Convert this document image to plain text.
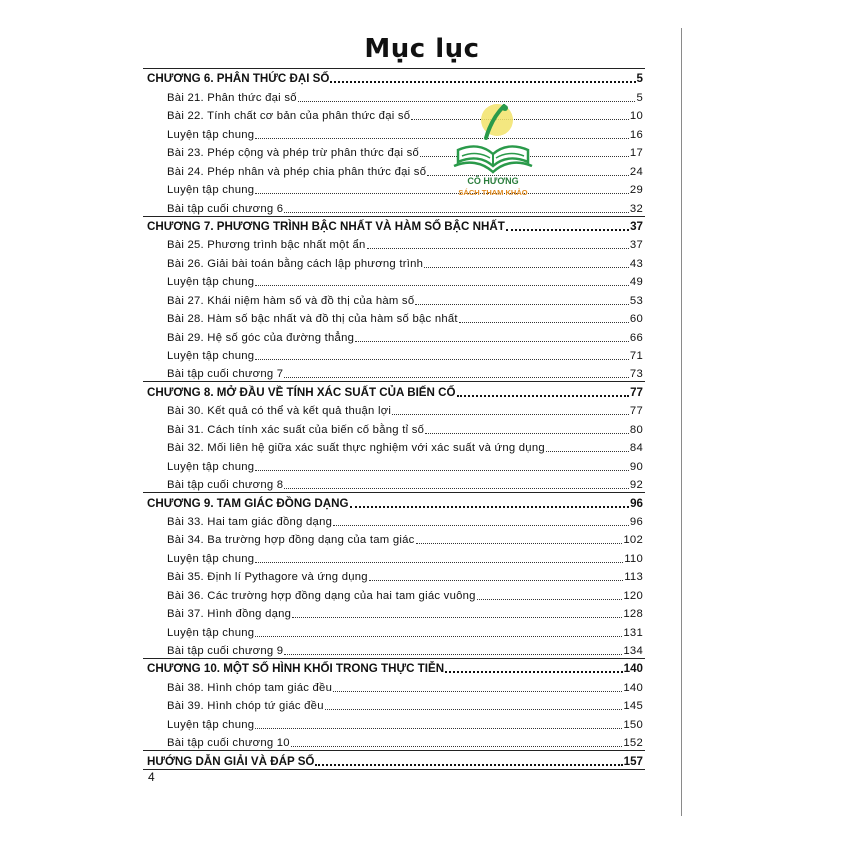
Mục lục
CHƯƠNG 6. PHÂN THỨC ĐẠI SỐ	5
Bài 21. Phân thức đại số	5
Bài 22. Tính chất cơ bản của phân thức đại số	10
Luyện tập chung	16
Bài 23. Phép cộng và phép trừ phân thức đại số	17
Bài 24. Phép nhân và phép chia phân thức đại số	24
Luyện tập chung	29
Bài tập cuối chương 6	32
CHƯƠNG 7. PHƯƠNG TRÌNH BẬC NHẤT VÀ HÀM SỐ BẬC NHẤT	37
Bài 25. Phương trình bậc nhất một ẩn	37
Bài 26. Giải bài toán bằng cách lập phương trình	43
Luyện tập chung	49
Bài 27. Khái niệm hàm số và đồ thị của hàm số	53
Bài 28. Hàm số bậc nhất và đồ thị của hàm số bậc nhất	60
Bài 29. Hệ số góc của đường thẳng	66
Luyện tập chung	71
Bài tập cuối chương 7	73
CHƯƠNG 8. MỞ ĐẦU VỀ TÍNH XÁC SUẤT CỦA BIẾN CỐ	77
Bài 30. Kết quả có thể và kết quả thuận lợi	77
Bài 31. Cách tính xác suất của biến cố bằng tỉ số	80
Bài 32. Mối liên hệ giữa xác suất thực nghiệm với xác suất và ứng dụng	84
Luyện tập chung	90
Bài tập cuối chương 8	92
CHƯƠNG 9. TAM GIÁC ĐỒNG DẠNG	96
Bài 33. Hai tam giác đồng dạng	96
Bài 34. Ba trường hợp đồng dạng của tam giác	102
Luyện tập chung	110
Bài 35. Định lí Pythagore và ứng dụng	113
Bài 36. Các trường hợp đồng dạng của hai tam giác vuông	120
Bài 37. Hình đồng dạng	128
Luyện tập chung	131
Bài tập cuối chương 9	134
CHƯƠNG 10. MỘT SỐ HÌNH KHỐI TRONG THỰC TIỄN	140
Bài 38. Hình chóp tam giác đều	140
Bài 39. Hình chóp tứ giác đều	145
Luyện tập chung	150
Bài tập cuối chương 10	152
HƯỚNG DẪN GIẢI VÀ ĐÁP SỐ	157
CÔ HƯƠNG
SÁCH THAM KHẢO
4
